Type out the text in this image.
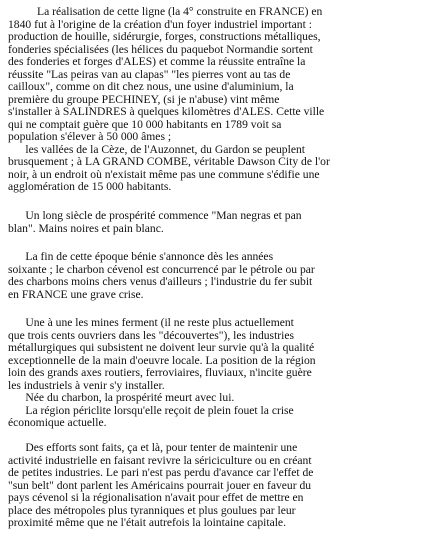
La réalisation de cette ligne (la 4° construite en FRANCE) en
1840 fut à l'origine de la création d'un foyer industriel important :
production de houille, sidérurgie, forges, constructions métalliques,
fonderies spécialisées (les hélices du paquebot Normandie sortent
des fonderies et forges d'ALES) et comme la réussite entraîne la
réussite "Las peiras van au clapas" "les pierres vont au tas de
cailloux", comme on dit chez nous, une usine d'aluminium, la
première du groupe PECHINEY, (si je n'abuse) vint même
s'installer à SALINDRES à quelques kilomètres d'ALES. Cette ville
qui ne comptait guère que 10 000 habitants en 1789 voit sa
population s'élever à 50 000 âmes ;
les vallées de la Cèze, de l'Auzonnet, du Gardon se peuplent
brusquement ; à LA GRAND COMBE, véritable Dawson City de l'or
noir, à un endroit où n'existait même pas une commune s'édifie une
agglomération de 15 000 habitants.
Un long siècle de prospérité commence "Man negras et pan
blan". Mains noires et pain blanc.
La fin de cette époque bénie s'annonce dès les années
soixante ; le charbon cévenol est concurrencé par le pétrole ou par
des charbons moins chers venus d'ailleurs ; l'industrie du fer subit
en FRANCE une grave crise.
Une à une les mines ferment (il ne reste plus actuellement
que trois cents ouvriers dans les "découvertes"), les industries
métallurgiques qui subsistent ne doivent leur survie qu'à la qualité
exceptionnelle de la main d'oeuvre locale. La position de la région
loin des grands axes routiers, ferroviaires, fluviaux, n'incite guère
les industriels à venir s'y installer.
Née du charbon, la prospérité meurt avec lui.
La région périclite lorsqu'elle reçoit de plein fouet la crise
économique actuelle.
Des efforts sont faits, ça et là, pour tenter de maintenir une
activité industrielle en faisant revivre la sériciculture ou en créant
de petites industries. Le pari n'est pas perdu d'avance car l'effet de
"sun belt" dont parlent les Américains pourrait jouer en faveur du
pays cévenol si la régionalisation n'avait pour effet de mettre en
place des métropoles plus tyranniques et plus goulues par leur
proximité même que ne l'était autrefois la lointaine capitale.
